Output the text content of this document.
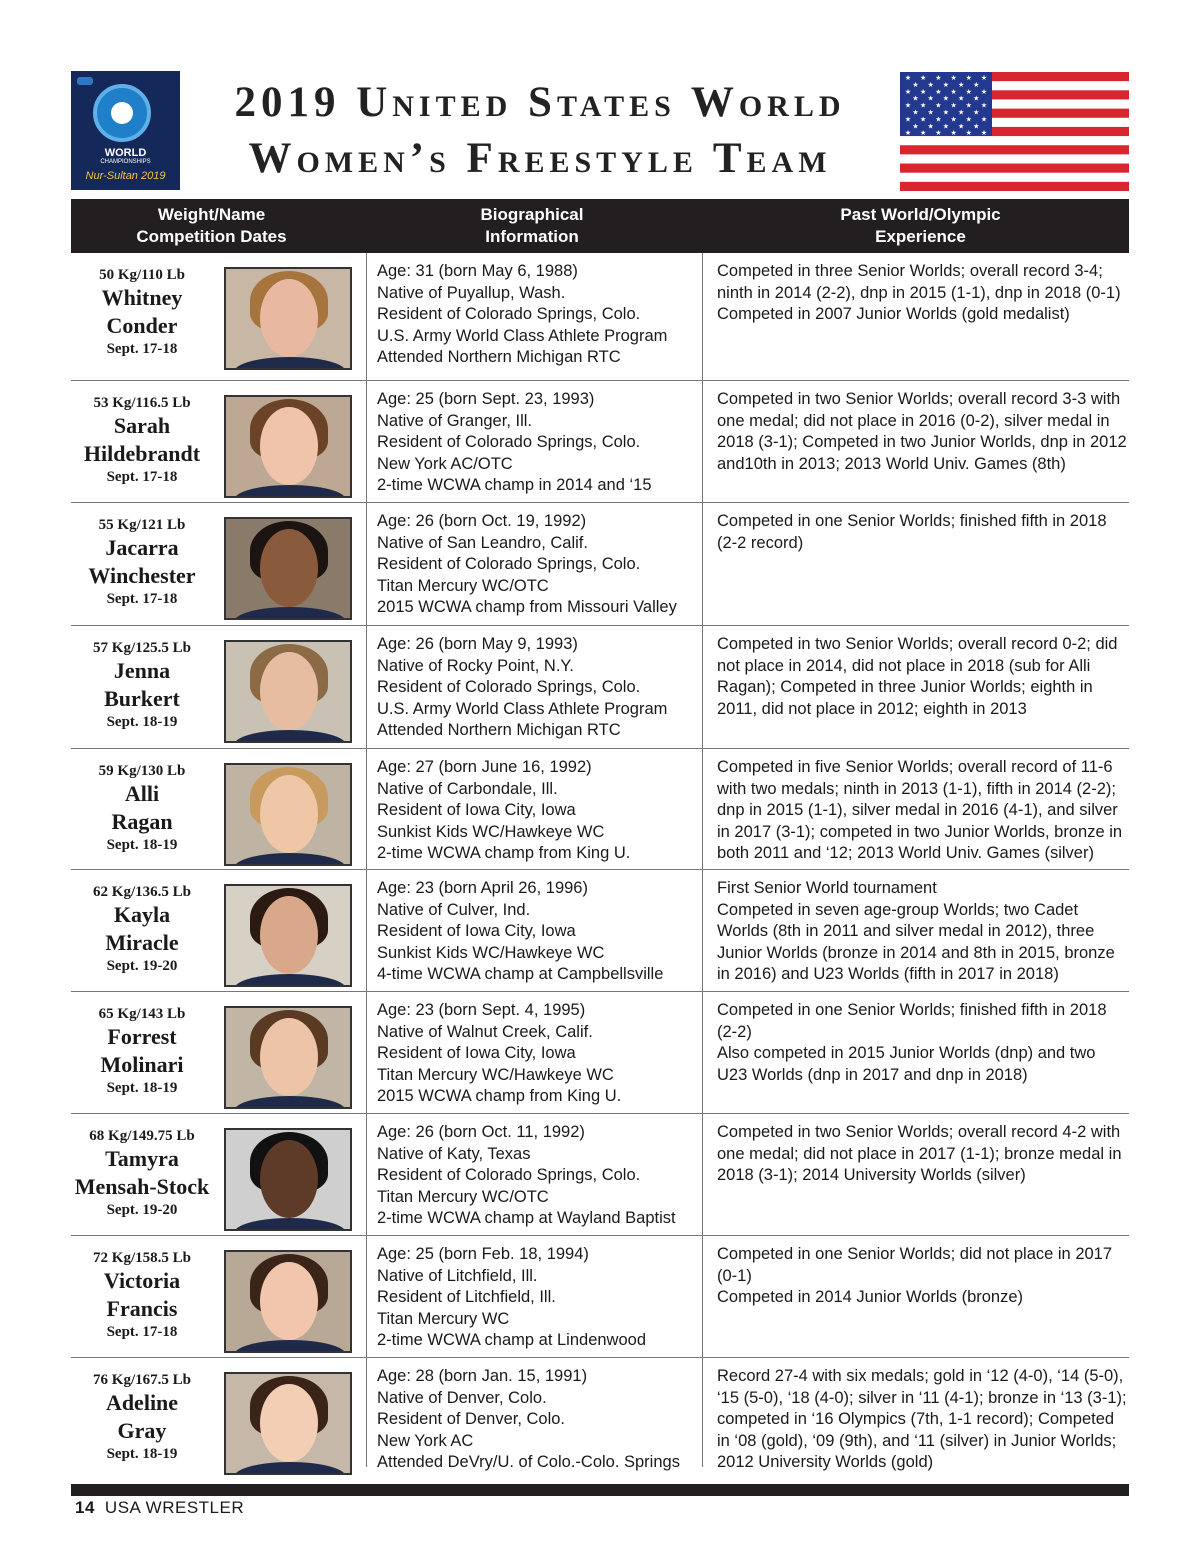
WORLD
CHAMPIONSHIPS
Nur-Sultan 2019
2019 United States World
Women’s Freestyle Team
★ ★ ★ ★ ★ ★
★ ★ ★ ★ ★
★ ★ ★ ★ ★ ★
★ ★ ★ ★ ★
★ ★ ★ ★ ★ ★
★ ★ ★ ★ ★
★ ★ ★ ★ ★ ★
★ ★ ★ ★ ★
★ ★ ★ ★ ★ ★
Weight/Name
Competition Dates
Biographical
Information
Past World/Olympic
Experience
50 Kg/110 Lb
Whitney
Conder
Sept. 17-18
Age: 31 (born May 6, 1988)
Native of Puyallup, Wash.
Resident of Colorado Springs, Colo.
U.S. Army World Class Athlete Program
Attended Northern Michigan RTC
Competed in three Senior Worlds; overall record 3-4; ninth in 2014 (2-2), dnp in 2015 (1-1), dnp in 2018 (0-1)
Competed in 2007 Junior Worlds (gold medalist)
53 Kg/116.5 Lb
Sarah
Hildebrandt
Sept. 17-18
Age: 25 (born Sept. 23, 1993)
Native of Granger, Ill.
Resident of Colorado Springs, Colo.
New York AC/OTC
2-time WCWA champ in 2014 and ‘15
Competed in two Senior Worlds; overall record 3-3 with one medal; did not place in 2016 (0-2), silver medal in 2018 (3-1); Competed in two Junior Worlds, dnp in 2012 and10th in 2013; 2013 World Univ. Games (8th)
55 Kg/121 Lb
Jacarra
Winchester
Sept. 17-18
Age: 26 (born Oct. 19, 1992)
Native of San Leandro, Calif.
Resident of Colorado Springs, Colo.
Titan Mercury WC/OTC
2015 WCWA champ from Missouri Valley
Competed in one Senior Worlds; finished fifth in 2018 (2-2 record)
57 Kg/125.5 Lb
Jenna
Burkert
Sept. 18-19
Age: 26 (born May 9, 1993)
Native of Rocky Point, N.Y.
Resident of Colorado Springs, Colo.
U.S. Army World Class Athlete Program
Attended Northern Michigan RTC
Competed in two Senior Worlds; overall record 0-2; did not place in 2014, did not place in 2018 (sub for Alli Ragan); Competed in three Junior Worlds; eighth in 2011, did not place in 2012; eighth in 2013
59 Kg/130 Lb
Alli
Ragan
Sept. 18-19
Age: 27 (born June 16, 1992)
Native of Carbondale, Ill.
Resident of Iowa City, Iowa
Sunkist Kids WC/Hawkeye WC
2-time WCWA champ from King U.
Competed in five Senior Worlds; overall record of 11-6 with two medals; ninth in 2013 (1-1), fifth in 2014 (2-2); dnp in 2015 (1-1), silver medal in 2016 (4-1), and silver in 2017 (3-1); competed in two Junior Worlds, bronze in both 2011 and ‘12; 2013 World Univ. Games (silver)
62 Kg/136.5 Lb
Kayla
Miracle
Sept. 19-20
Age: 23 (born April 26, 1996)
Native of Culver, Ind.
Resident of Iowa City, Iowa
Sunkist Kids WC/Hawkeye WC
4-time WCWA champ at Campbellsville
First Senior World tournament
Competed in seven age-group Worlds; two Cadet Worlds (8th in 2011 and silver medal in 2012), three Junior Worlds (bronze in 2014 and 8th in 2015, bronze in 2016) and U23 Worlds (fifth in 2017 in 2018)
65 Kg/143 Lb
Forrest
Molinari
Sept. 18-19
Age: 23 (born Sept. 4, 1995)
Native of Walnut Creek, Calif.
Resident of Iowa City, Iowa
Titan Mercury WC/Hawkeye WC
2015 WCWA champ from King U.
Competed in one Senior Worlds; finished fifth in 2018 (2-2)
Also competed in 2015 Junior Worlds (dnp) and two U23 Worlds (dnp in 2017 and dnp in 2018)
68 Kg/149.75 Lb
Tamyra
Mensah-Stock
Sept. 19-20
Age: 26 (born Oct. 11, 1992)
Native of Katy, Texas
Resident of Colorado Springs, Colo.
Titan Mercury WC/OTC
2-time WCWA champ at Wayland Baptist
Competed in two Senior Worlds; overall record 4-2 with one medal; did not place in 2017 (1-1); bronze medal in 2018 (3-1); 2014 University Worlds (silver)
72 Kg/158.5 Lb
Victoria
Francis
Sept. 17-18
Age: 25 (born Feb. 18, 1994)
Native of Litchfield, Ill.
Resident of Litchfield, Ill.
Titan Mercury WC
2-time WCWA champ at Lindenwood
Competed in one Senior Worlds; did not place in 2017 (0-1)
Competed in 2014 Junior Worlds (bronze)
76 Kg/167.5 Lb
Adeline
Gray
Sept. 18-19
Age: 28 (born Jan. 15, 1991)
Native of Denver, Colo.
Resident of Denver, Colo.
New York AC
Attended DeVry/U. of Colo.-Colo. Springs
Record 27-4 with six medals; gold in ‘12 (4-0), ‘14 (5-0), ‘15 (5-0), ‘18 (4-0); silver in ‘11 (4-1); bronze in ‘13 (3-1); competed in ‘16 Olympics (7th, 1-1 record); Competed in ‘08 (gold), ‘09 (9th), and ‘11 (silver) in Junior Worlds; 2012 University Worlds (gold)
14 USA WRESTLER
